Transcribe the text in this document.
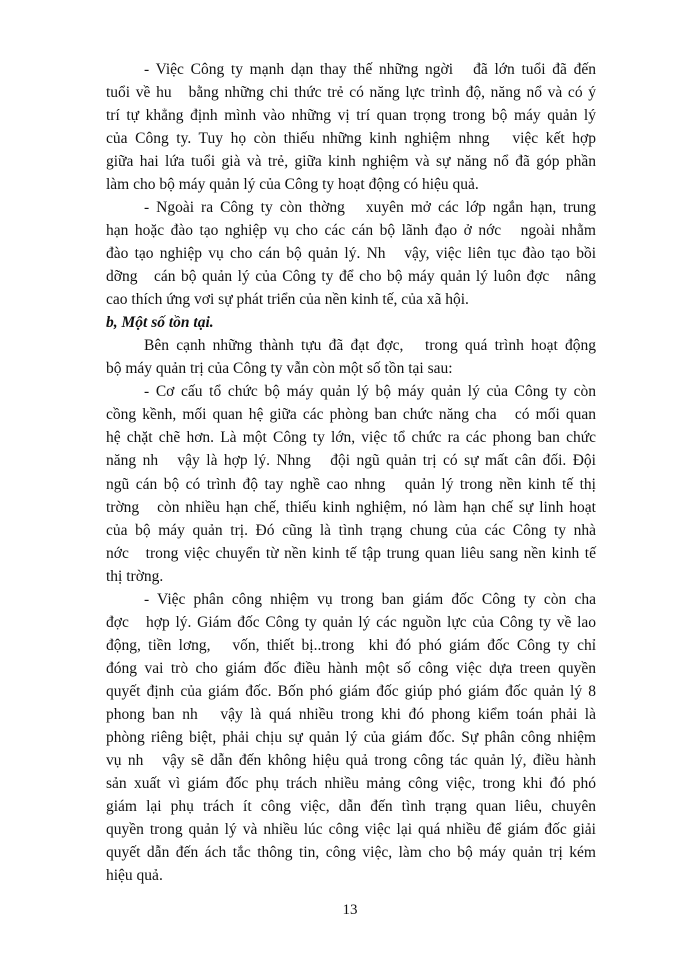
- Việc Công ty mạnh dạn thay thế những ngời   đã lớn tuổi đã đến
tuổi về hu   bằng những chi thức trẻ có năng lực trình độ, năng nổ và có ý
trí tự khẳng định mình vào những vị trí quan trọng trong bộ máy quản lý
của Công ty. Tuy họ còn thiếu những kinh nghiệm nhng   việc kết hợp
giữa hai lứa tuổi già và trẻ, giữa kinh nghiệm và sự năng nổ đã góp phần
làm cho bộ máy quản lý của Công ty hoạt động có hiệu quả.
- Ngoài ra Công ty còn thờng   xuyên mở các lớp ngắn hạn, trung
hạn hoặc đào tạo nghiệp vụ cho các cán bộ lãnh đạo ở nớc   ngoài nhằm
đào tạo nghiệp vụ cho cán bộ quản lý. Nh   vậy, việc liên tục đào tạo bồi
dỡng   cán bộ quản lý của Công ty để cho bộ máy quản lý luôn đợc   nâng
cao thích ứng vơi sự phát triển của nền kinh tế, của xã hội.
b, Một số tồn tại.
Bên cạnh những thành tựu đã đạt đợc,   trong quá trình hoạt động
bộ máy quản trị của Công ty vẫn còn một số tồn tại sau:
- Cơ cấu tổ chức bộ máy quản lý bộ máy quản lý của Công ty còn
cồng kềnh, mối quan hệ giữa các phòng ban chức năng cha   có mối quan
hệ chặt chẽ hơn. Là một Công ty lớn, việc tổ chức ra các phong ban chức
năng nh   vậy là hợp lý. Nhng   đội ngũ quản trị có sự mất cân đối. Đội
ngũ cán bộ có trình độ tay nghề cao nhng   quản lý trong nền kinh tế thị
trờng   còn nhiều hạn chế, thiếu kinh nghiệm, nó làm hạn chế sự linh hoạt
của bộ máy quản trị. Đó cũng là tình trạng chung của các Công ty nhà
nớc   trong việc chuyển từ nền kinh tế tập trung quan liêu sang nền kinh tế
thị trờng.
- Việc phân công nhiệm vụ trong ban giám đốc Công ty còn cha
đợc   hợp lý. Giám đốc Công ty quản lý các nguồn lực của Công ty về lao
động, tiền lơng,   vốn, thiết bị..trong  khi đó phó giám đốc Công ty chỉ
đóng vai trò cho giám đốc điều hành một số công việc dựa treen quyền
quyết định của giám đốc. Bốn phó giám đốc giúp phó giám đốc quản lý 8
phong ban nh   vậy là quá nhiều trong khi đó phong kiểm toán phải là
phòng riêng biệt, phải chịu sự quản lý của giám đốc. Sự phân công nhiệm
vụ nh   vậy sẽ dẫn đến không hiệu quả trong công tác quản lý, điều hành
sản xuất vì giám đốc phụ trách nhiều mảng công việc, trong khi đó phó
giám lại phụ trách ít công việc, dẫn đến tình trạng quan liêu, chuyên
quyền trong quản lý và nhiều lúc công việc lại quá nhiều để giám đốc giải
quyết dẫn đến ách tắc thông tin, công việc, làm cho bộ máy quản trị kém
hiệu quả.
13
